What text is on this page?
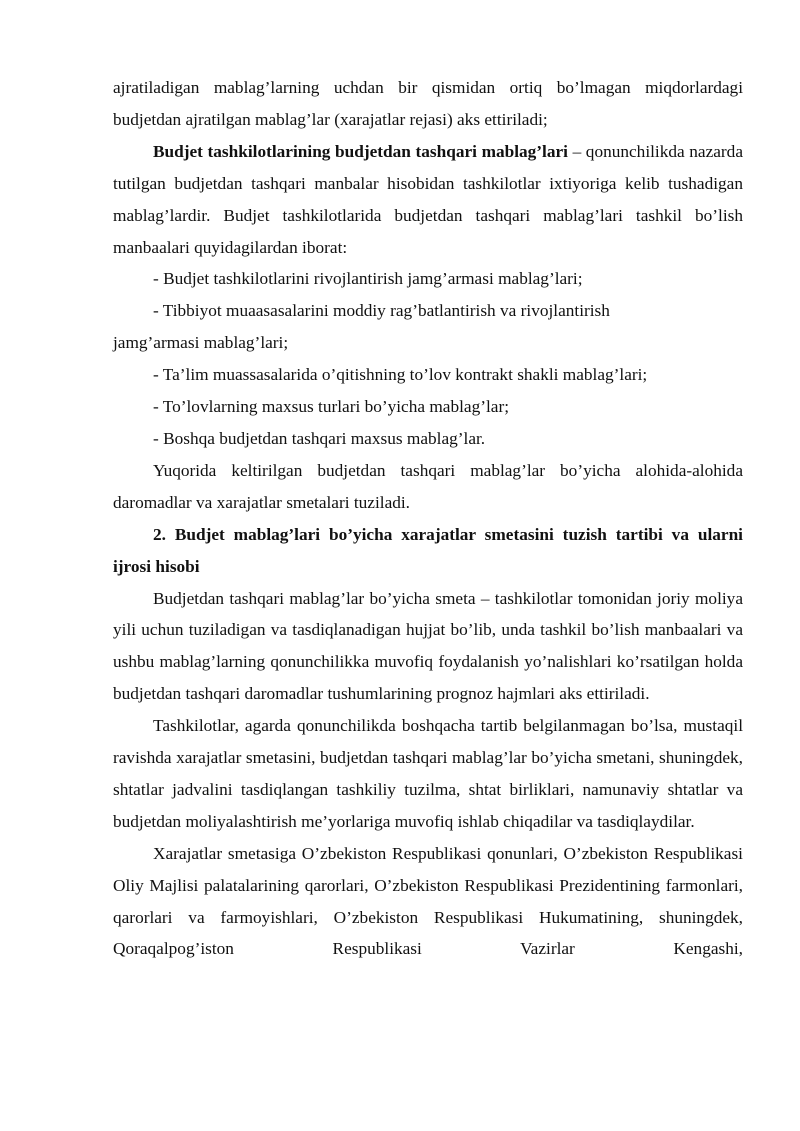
ajratiladigan mablag’larning uchdan bir qismidan ortiq bo’lmagan miqdorlardagi budjetdan ajratilgan mablag’lar (xarajatlar rejasi) aks ettiriladi;

Budjet tashkilotlarining budjetdan tashqari mablag’lari – qonunchilikda nazarda tutilgan budjetdan tashqari manbalar hisobidan tashkilotlar ixtiyoriga kelib tushadigan mablag’lardir. Budjet tashkilotlarida budjetdan tashqari mablag’lari tashkil bo’lish manbaalari quyidagilardan iborat:

- Budjet tashkilotlarini rivojlantirish jamg’armasi mablag’lari;

- Tibbiyot muaasasalarini moddiy rag’batlantirish va rivojlantirish

jamg’armasi mablag’lari;

- Ta’lim muassasalarida o’qitishning to’lov kontrakt shakli mablag’lari;

- To’lovlarning maxsus turlari bo’yicha mablag’lar;

- Boshqa budjetdan tashqari maxsus mablag’lar.

Yuqorida keltirilgan budjetdan tashqari mablag’lar bo’yicha alohida-alohida daromadlar va xarajatlar smetalari tuziladi.

2. Budjet mablag’lari bo’yicha xarajatlar smetasini tuzish tartibi va ularni ijrosi hisobi

Budjetdan tashqari mablag’lar bo’yicha smeta – tashkilotlar tomonidan joriy moliya yili uchun tuziladigan va tasdiqlanadigan hujjat bo’lib, unda tashkil bo’lish manbaalari va ushbu mablag’larning qonunchilikka muvofiq foydalanish yo’nalishlari ko’rsatilgan holda budjetdan tashqari daromadlar tushumlarining prognoz hajmlari aks ettiriladi.

Tashkilotlar, agarda qonunchilikda boshqacha tartib belgilanmagan bo’lsa, mustaqil ravishda xarajatlar smetasini, budjetdan tashqari mablag’lar bo’yicha smetani, shuningdek, shtatlar jadvalini tasdiqlangan tashkiliy tuzilma, shtat birliklari, namunaviy shtatlar va budjetdan moliyalashtirish me’yorlariga muvofiq ishlab chiqadilar va tasdiqlaydilar.

Xarajatlar smetasiga O’zbekiston Respublikasi qonunlari, O’zbekiston Respublikasi Oliy Majlisi palatalarining qarorlari, O’zbekiston Respublikasi Prezidentining farmonlari, qarorlari va farmoyishlari, O’zbekiston Respublikasi Hukumatining, shuningdek, Qoraqalpog’iston Respublikasi Vazirlar Kengashi,
